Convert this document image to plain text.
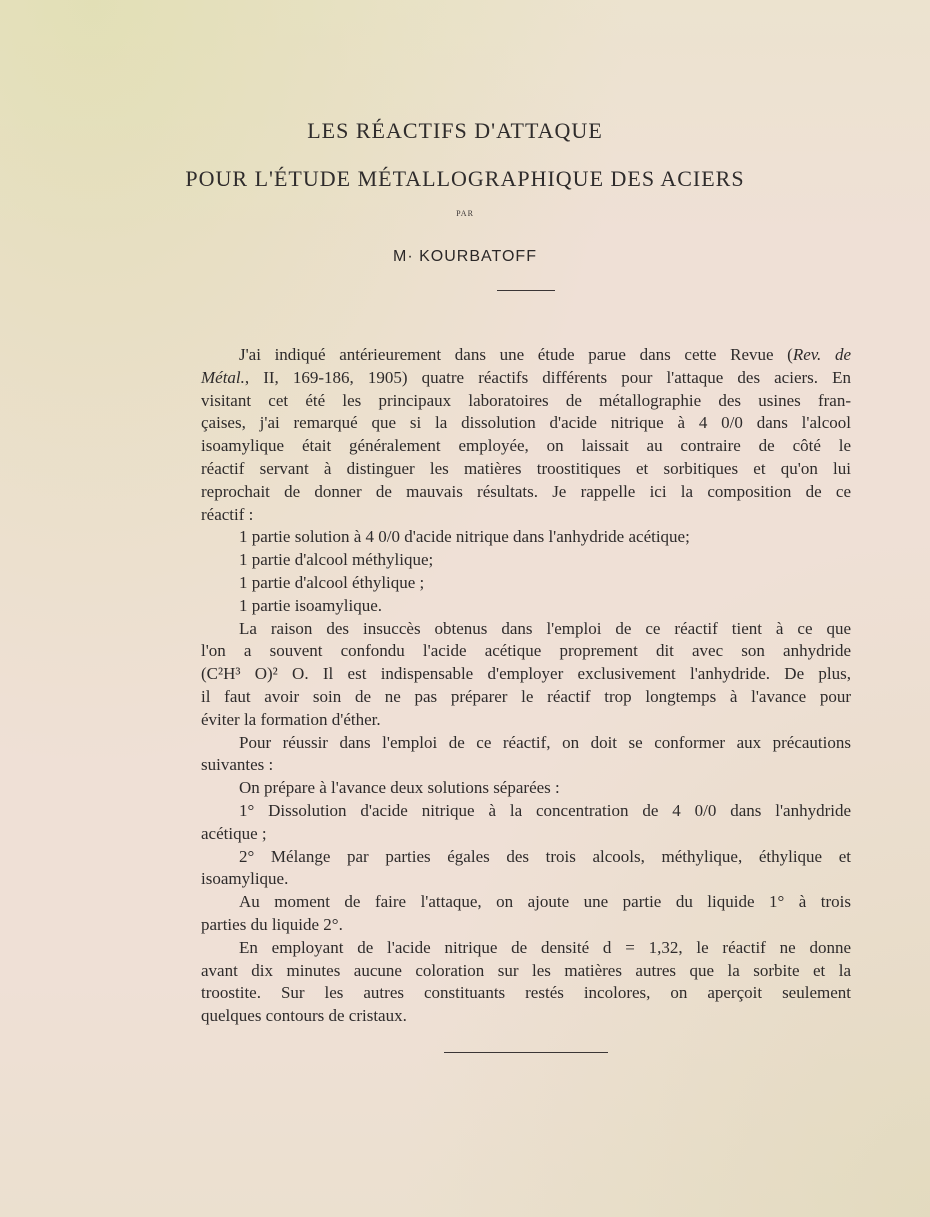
LES RÉACTIFS D'ATTAQUE
POUR L'ÉTUDE MÉTALLOGRAPHIQUE DES ACIERS
PAR
M· KOURBATOFF
J'ai indiqué antérieurement dans une étude parue dans cette Revue (Rev. de
Métal., II, 169-186, 1905) quatre réactifs différents pour l'attaque des aciers. En
visitant cet été les principaux laboratoires de métallographie des usines fran-
çaises, j'ai remarqué que si la dissolution d'acide nitrique à 4 0/0 dans l'alcool
isoamylique était généralement employée, on laissait au contraire de côté le
réactif servant à distinguer les matières troostitiques et sorbitiques et qu'on lui
reprochait de donner de mauvais résultats. Je rappelle ici la composition de ce
réactif :
1 partie solution à 4 0/0 d'acide nitrique dans l'anhydride acétique;
1 partie d'alcool méthylique;
1 partie d'alcool éthylique ;
1 partie isoamylique.
La raison des insuccès obtenus dans l'emploi de ce réactif tient à ce que
l'on a souvent confondu l'acide acétique proprement dit avec son anhydride
(C²H³ O)² O. Il est indispensable d'employer exclusivement l'anhydride. De plus,
il faut avoir soin de ne pas préparer le réactif trop longtemps à l'avance pour
éviter la formation d'éther.
Pour réussir dans l'emploi de ce réactif, on doit se conformer aux précautions
suivantes :
On prépare à l'avance deux solutions séparées :
1° Dissolution d'acide nitrique à la concentration de 4 0/0 dans l'anhydride
acétique ;
2° Mélange par parties égales des trois alcools, méthylique, éthylique et
isoamylique.
Au moment de faire l'attaque, on ajoute une partie du liquide 1° à trois
parties du liquide 2°.
En employant de l'acide nitrique de densité d = 1,32, le réactif ne donne
avant dix minutes aucune coloration sur les matières autres que la sorbite et la
troostite. Sur les autres constituants restés incolores, on aperçoit seulement
quelques contours de cristaux.
